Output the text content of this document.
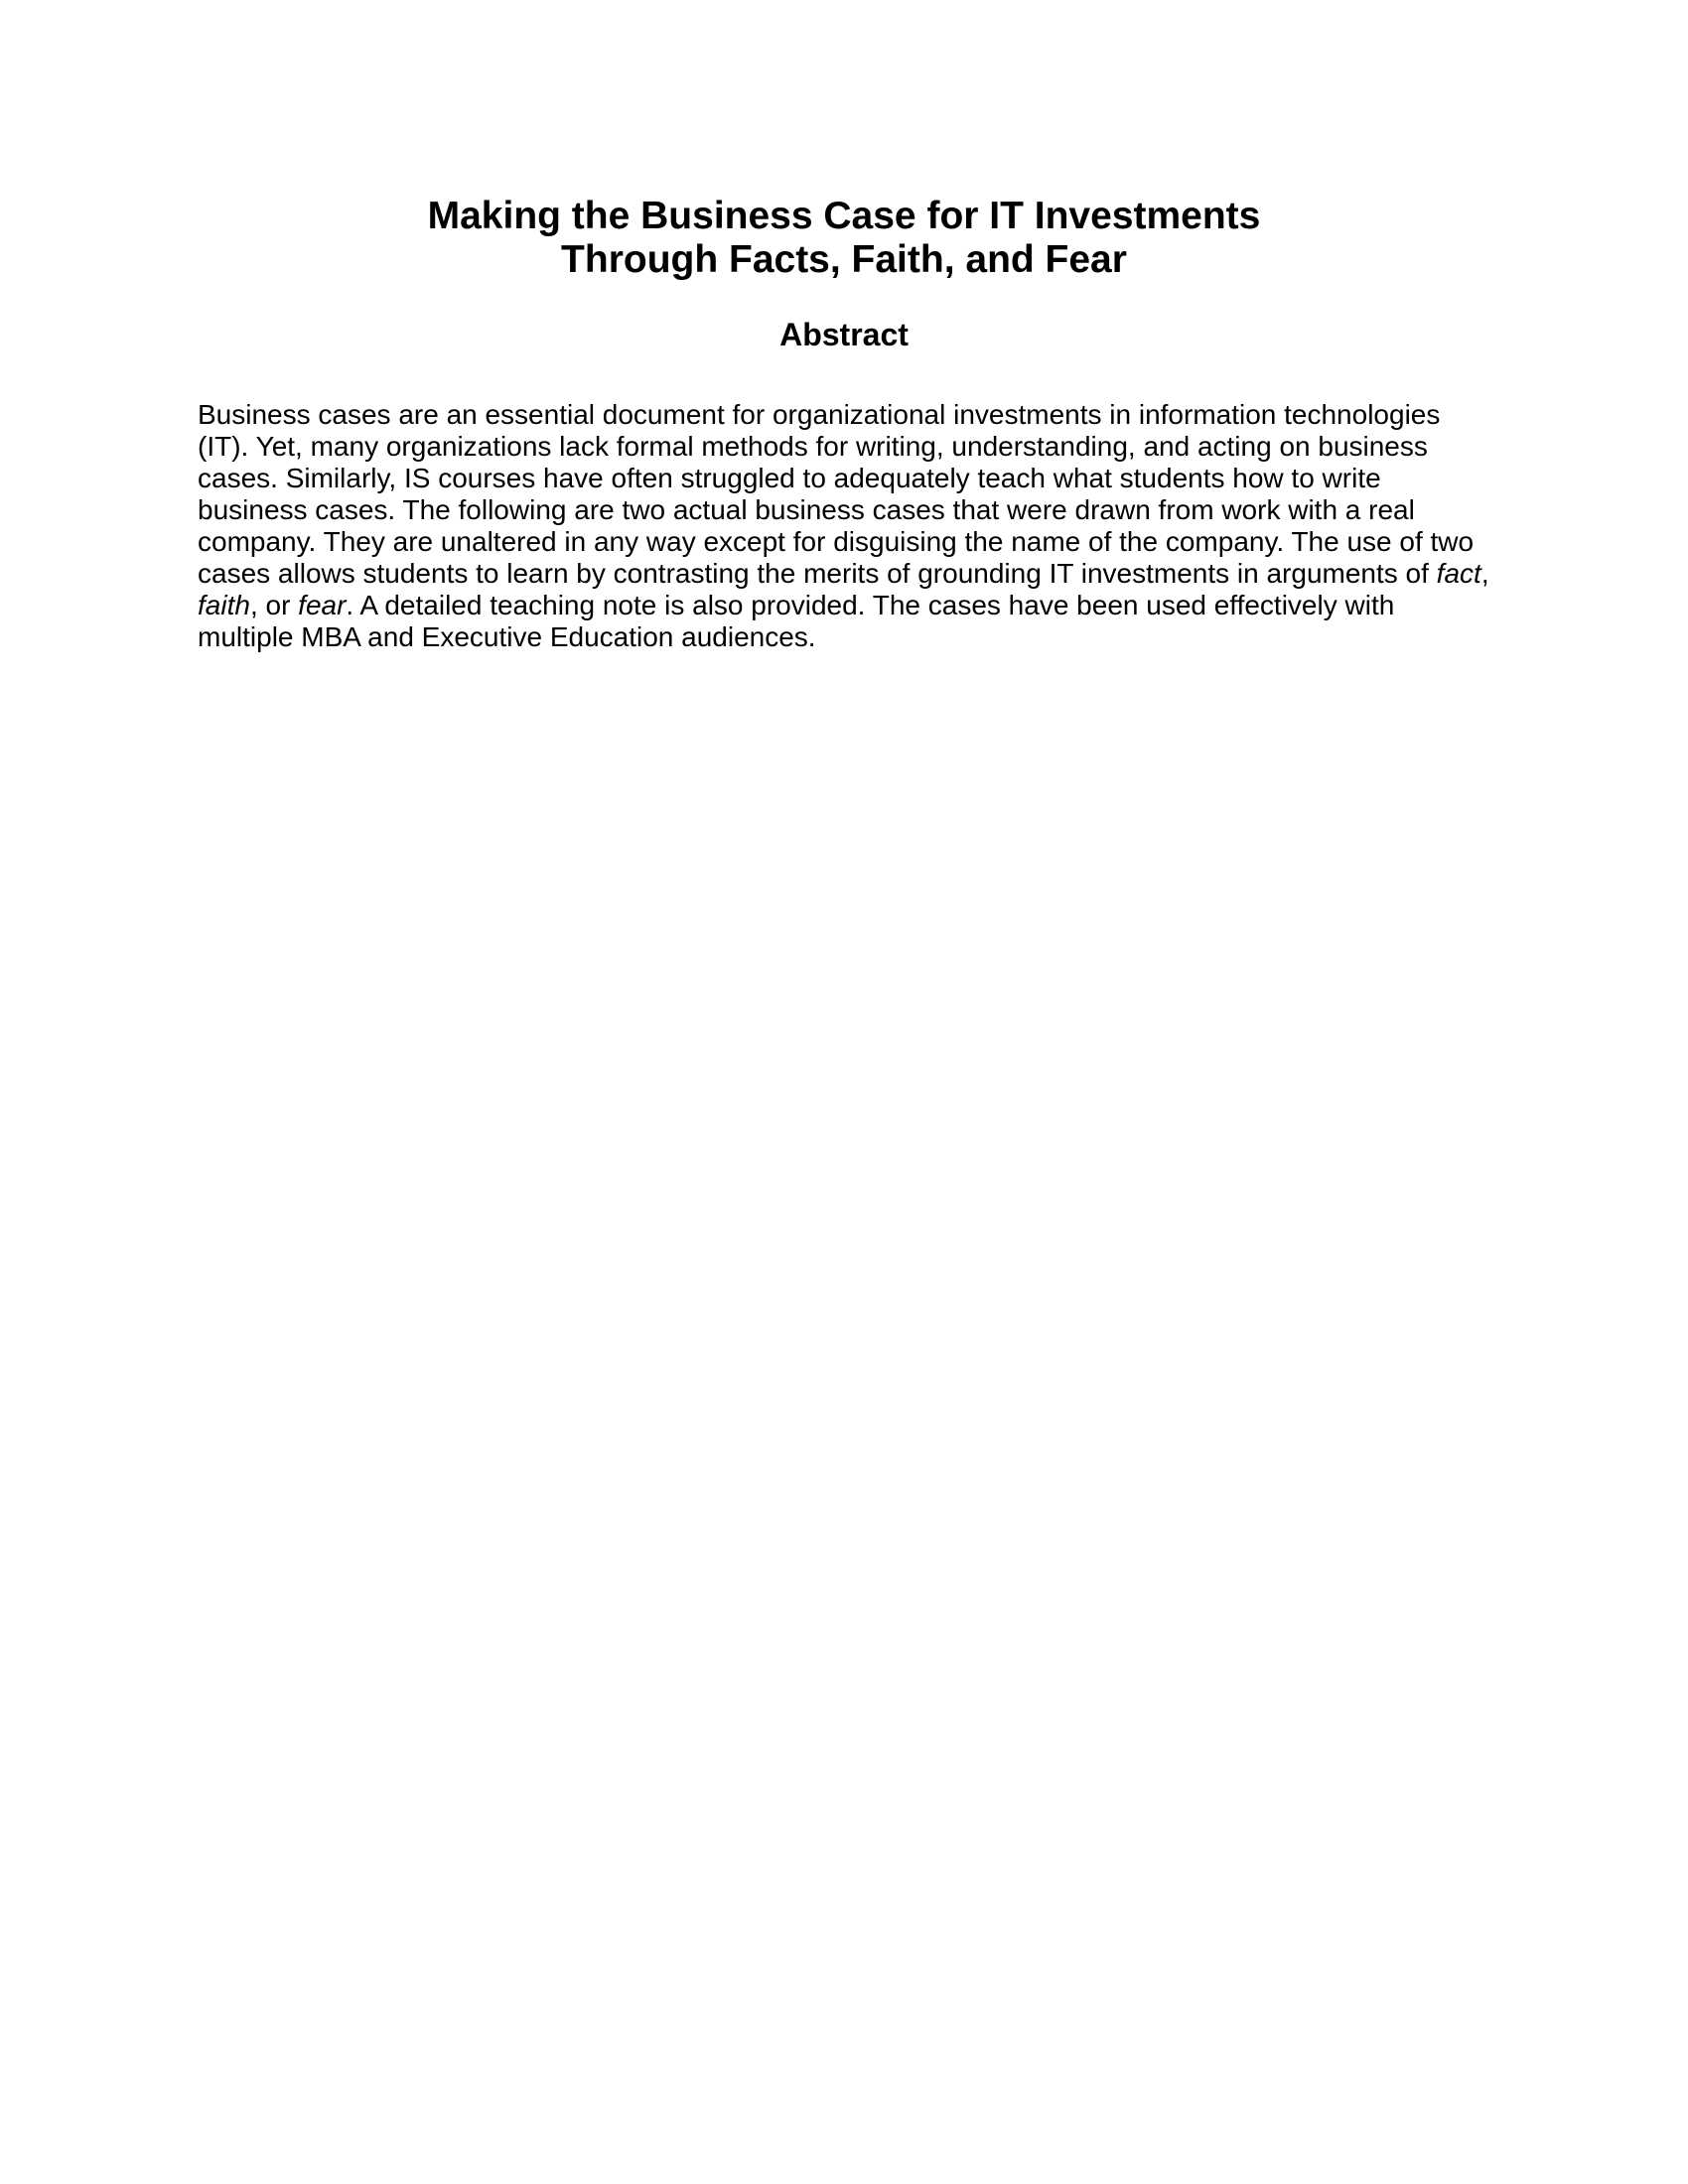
Making the Business Case for IT Investments
Through Facts, Faith, and Fear
Abstract

Business cases are an essential document for organizational investments in information technologies
(IT). Yet, many organizations lack formal methods for writing, understanding, and acting on business
cases. Similarly, IS courses have often struggled to adequately teach what students how to write
business cases. The following are two actual business cases that were drawn from work with a real
company. They are unaltered in any way except for disguising the name of the company. The use of two
cases allows students to learn by contrasting the merits of grounding IT investments in arguments of fact,
faith, or fear. A detailed teaching note is also provided. The cases have been used effectively with
multiple MBA and Executive Education audiences.
